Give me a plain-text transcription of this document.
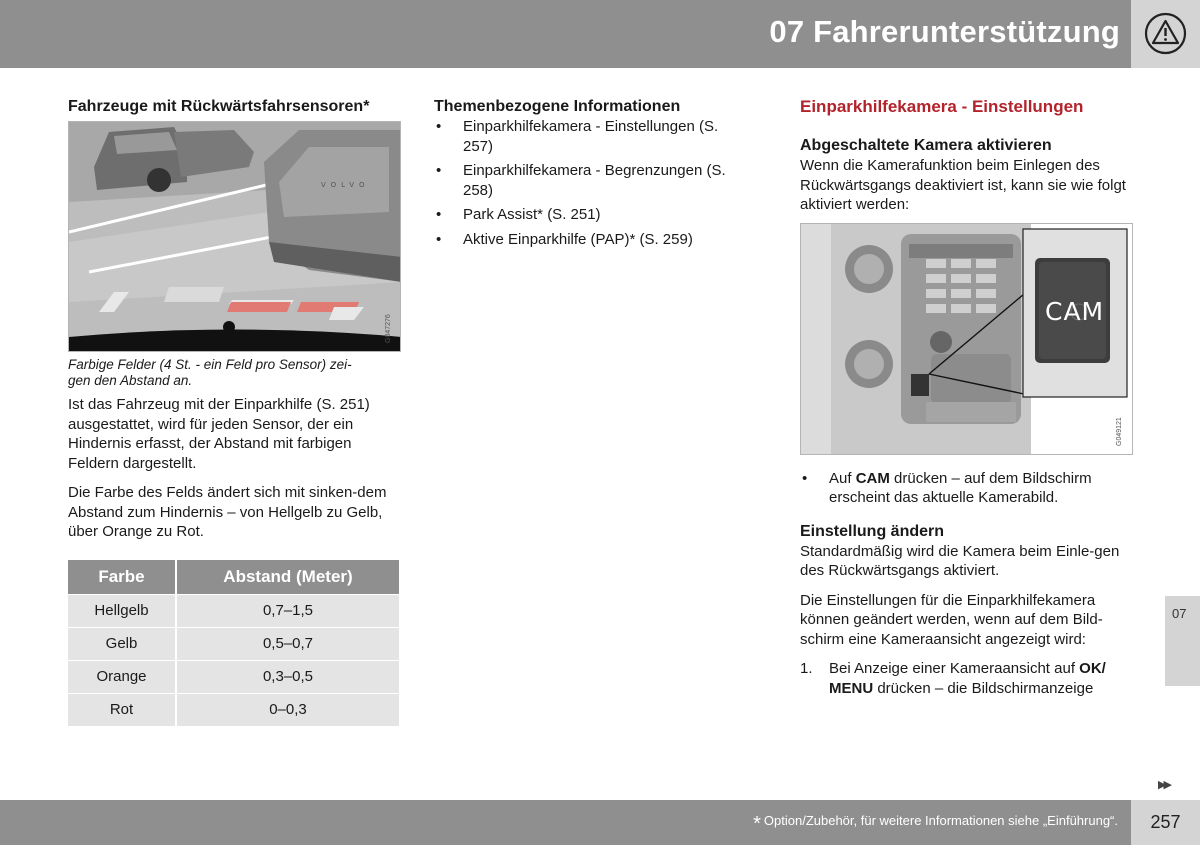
07 Fahrerunterstützung
Fahrzeuge mit Rückwärtsfahrsensoren*
VOLVO
G047276

Farbige Felder (4 St. - ein Feld pro Sensor) zei-
gen den Abstand an.

Ist das Fahrzeug mit der Einparkhilfe (S. 251) ausgestattet, wird für jeden Sensor, der ein Hindernis erfasst, der Abstand mit farbigen Feldern dargestellt.

Die Farbe des Felds ändert sich mit sinken-dem Abstand zum Hindernis – von Hellgelb zu Gelb, über Orange zu Rot.

Farbe	Abstand (Meter)
Hellgelb	0,7–1,5
Gelb	0,5–0,7
Orange	0,3–0,5
Rot	0–0,3
Themenbezogene Informationen
• Einparkhilfekamera - Einstellungen (S. 257)
• Einparkhilfekamera - Begrenzungen (S. 258)
• Park Assist* (S. 251)
• Aktive Einparkhilfe (PAP)* (S. 259)
Einparkhilfekamera - Einstellungen
Abgeschaltete Kamera aktivieren

Wenn die Kamerafunktion beim Einlegen des Rückwärtsgangs deaktiviert ist, kann sie wie folgt aktiviert werden:

CAM
G049121
• Auf CAM drücken – auf dem Bildschirm erscheint das aktuelle Kamerabild.
Einstellung ändern

Standardmäßig wird die Kamera beim Einle-gen des Rückwärtsgangs aktiviert.

Die Einstellungen für die Einparkhilfekamera können geändert werden, wenn auf dem Bild-schirm eine Kameraansicht angezeigt wird:

1. Bei Anzeige einer Kameraansicht auf OK/ MENU drücken – die Bildschirmanzeige
07
▶▶
* Option/Zubehör, für weitere Informationen siehe „Einführung“.	257
